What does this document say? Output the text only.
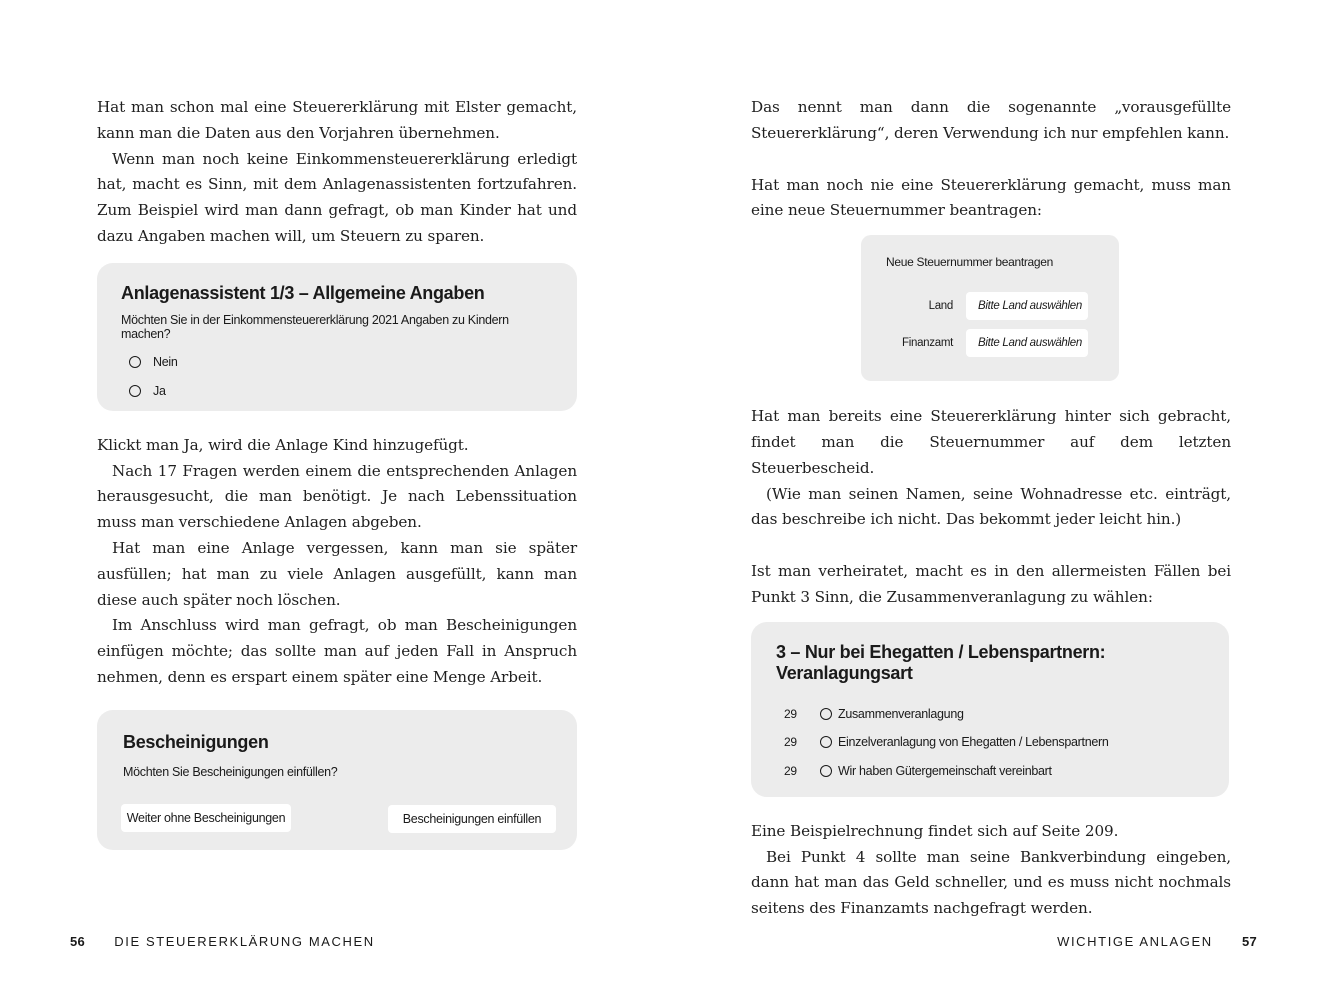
Hat man schon mal eine Steuererklärung mit Elster gemacht, kann man die Daten aus den Vorjahren übernehmen.

Wenn man noch keine Einkommensteuererklärung erledigt hat, macht es Sinn, mit dem Anlagenassistenten fortzufahren. Zum Beispiel wird man dann gefragt, ob man Kinder hat und dazu Angaben machen will, um Steuern zu sparen.

Anlagenassistent 1/3 – Allgemeine Angaben
Möchten Sie in der Einkommensteuererklärung 2021 Angaben zu Kindern machen?
Nein
Ja

Klickt man Ja, wird die Anlage Kind hinzugefügt.

Nach 17 Fragen werden einem die entsprechenden Anlagen herausgesucht, die man benötigt. Je nach Lebenssituation muss man verschiedene Anlagen abgeben.

Hat man eine Anlage vergessen, kann man sie später ausfüllen; hat man zu viele Anlagen ausgefüllt, kann man diese auch später noch löschen.

Im Anschluss wird man gefragt, ob man Bescheinigungen einfügen möchte; das sollte man auf jeden Fall in Anspruch nehmen, denn es erspart einem später eine Menge Arbeit.

Bescheinigungen
Möchten Sie Bescheinigungen einfüllen?
Weiter ohne Bescheinigungen	Bescheinigungen einfüllen
56 DIE STEUERERKLÄRUNG MACHEN

Das nennt man dann die sogenannte „vorausgefüllte Steuererklärung“, deren Verwendung ich nur empfehlen kann.

Hat man noch nie eine Steuererklärung gemacht, muss man eine neue Steuernummer beantragen:

Neue Steuernummer beantragen
Land	Bitte Land auswählen
Finanzamt	Bitte Land auswählen

Hat man bereits eine Steuererklärung hinter sich gebracht, findet man die Steuernummer auf dem letzten Steuerbescheid.

(Wie man seinen Namen, seine Wohnadresse etc. einträgt, das beschreibe ich nicht. Das bekommt jeder leicht hin.)

Ist man verheiratet, macht es in den allermeisten Fällen bei Punkt 3 Sinn, die Zusammenveranlagung zu wählen:

3 – Nur bei Ehegatten / Lebenspartnern: Veranlagungsart
29	Zusammenveranlagung
29	Einzelveranlagung von Ehegatten / Lebenspartnern
29	Wir haben Gütergemeinschaft vereinbart

Eine Beispielrechnung findet sich auf Seite 209.

Bei Punkt 4 sollte man seine Bankverbindung eingeben, dann hat man das Geld schneller, und es muss nicht nochmals seitens des Finanzamts nachgefragt werden.

WICHTIGE ANLAGEN 57
